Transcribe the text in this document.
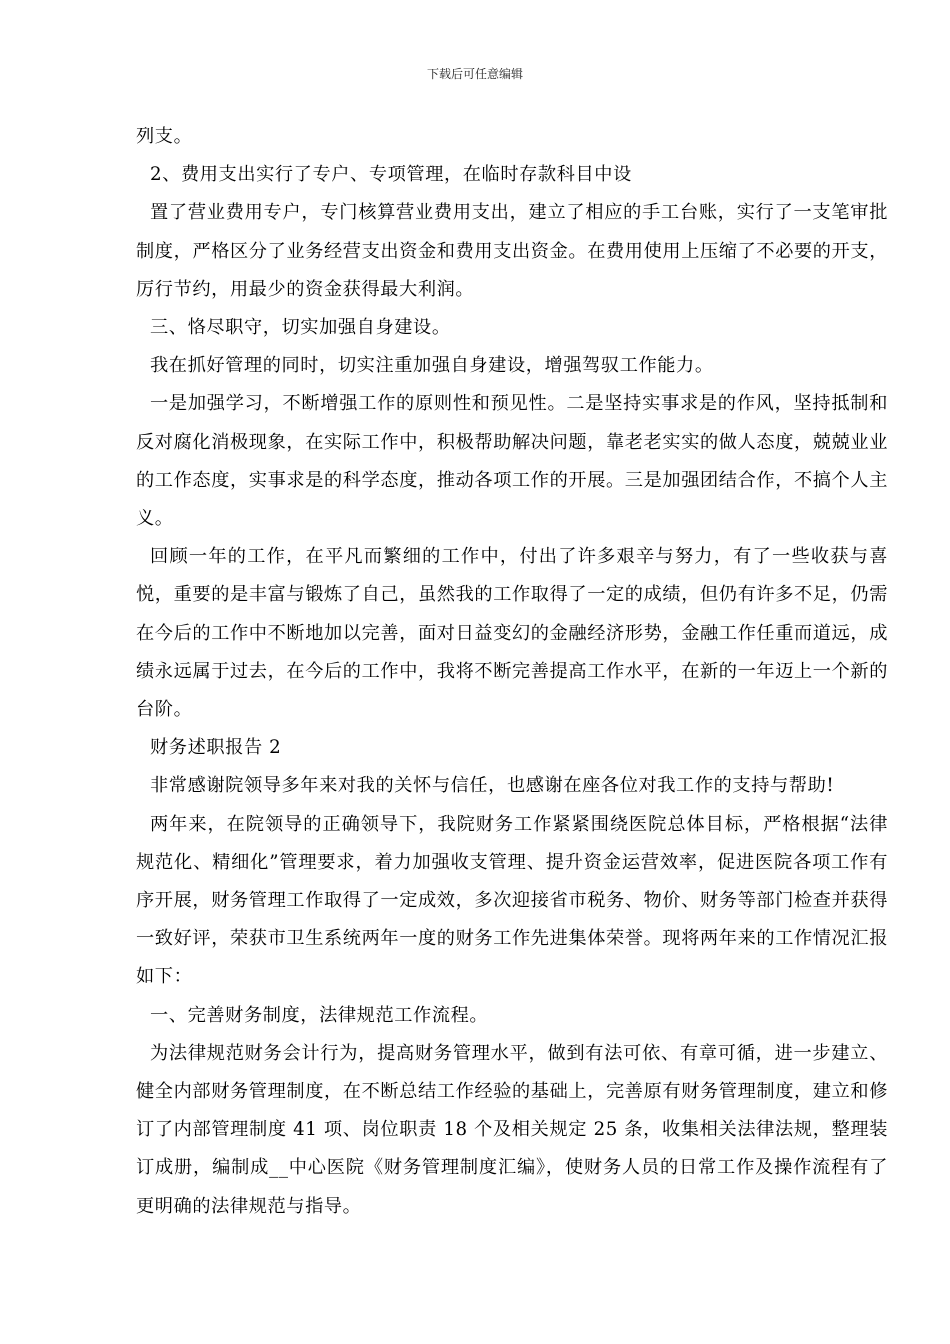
下载后可任意编辑

列支。

2、费用支出实行了专户、专项管理，在临时存款科目中设

置了营业费用专户，专门核算营业费用支出，建立了相应的手工台账，实行了一支笔审批制度，严格区分了业务经营支出资金和费用支出资金。在费用使用上压缩了不必要的开支，厉行节约，用最少的资金获得最大利润。

三、恪尽职守，切实加强自身建设。

我在抓好管理的同时，切实注重加强自身建设，增强驾驭工作能力。

一是加强学习，不断增强工作的原则性和预见性。二是坚持实事求是的作风，坚持抵制和反对腐化消极现象，在实际工作中，积极帮助解决问题，靠老老实实的做人态度，兢兢业业的工作态度，实事求是的科学态度，推动各项工作的开展。三是加强团结合作，不搞个人主义。

回顾一年的工作，在平凡而繁细的工作中，付出了许多艰辛与努力，有了一些收获与喜悦，重要的是丰富与锻炼了自己，虽然我的工作取得了一定的成绩，但仍有许多不足，仍需在今后的工作中不断地加以完善，面对日益变幻的金融经济形势，金融工作任重而道远，成绩永远属于过去，在今后的工作中，我将不断完善提高工作水平，在新的一年迈上一个新的台阶。

财务述职报告 2

非常感谢院领导多年来对我的关怀与信任，也感谢在座各位对我工作的支持与帮助!

两年来，在院领导的正确领导下，我院财务工作紧紧围绕医院总体目标，严格根据“法律规范化、精细化”管理要求，着力加强收支管理、提升资金运营效率，促进医院各项工作有序开展，财务管理工作取得了一定成效，多次迎接省市税务、物价、财务等部门检查并获得一致好评，荣获市卫生系统两年一度的财务工作先进集体荣誉。现将两年来的工作情况汇报如下：

一、完善财务制度，法律规范工作流程。

为法律规范财务会计行为，提高财务管理水平，做到有法可依、有章可循，进一步建立、健全内部财务管理制度，在不断总结工作经验的基础上，完善原有财务管理制度，建立和修订了内部管理制度 41 项、岗位职责 18 个及相关规定 25 条，收集相关法律法规，整理装订成册，编制成__中心医院《财务管理制度汇编》，使财务人员的日常工作及操作流程有了更明确的法律规范与指导。
